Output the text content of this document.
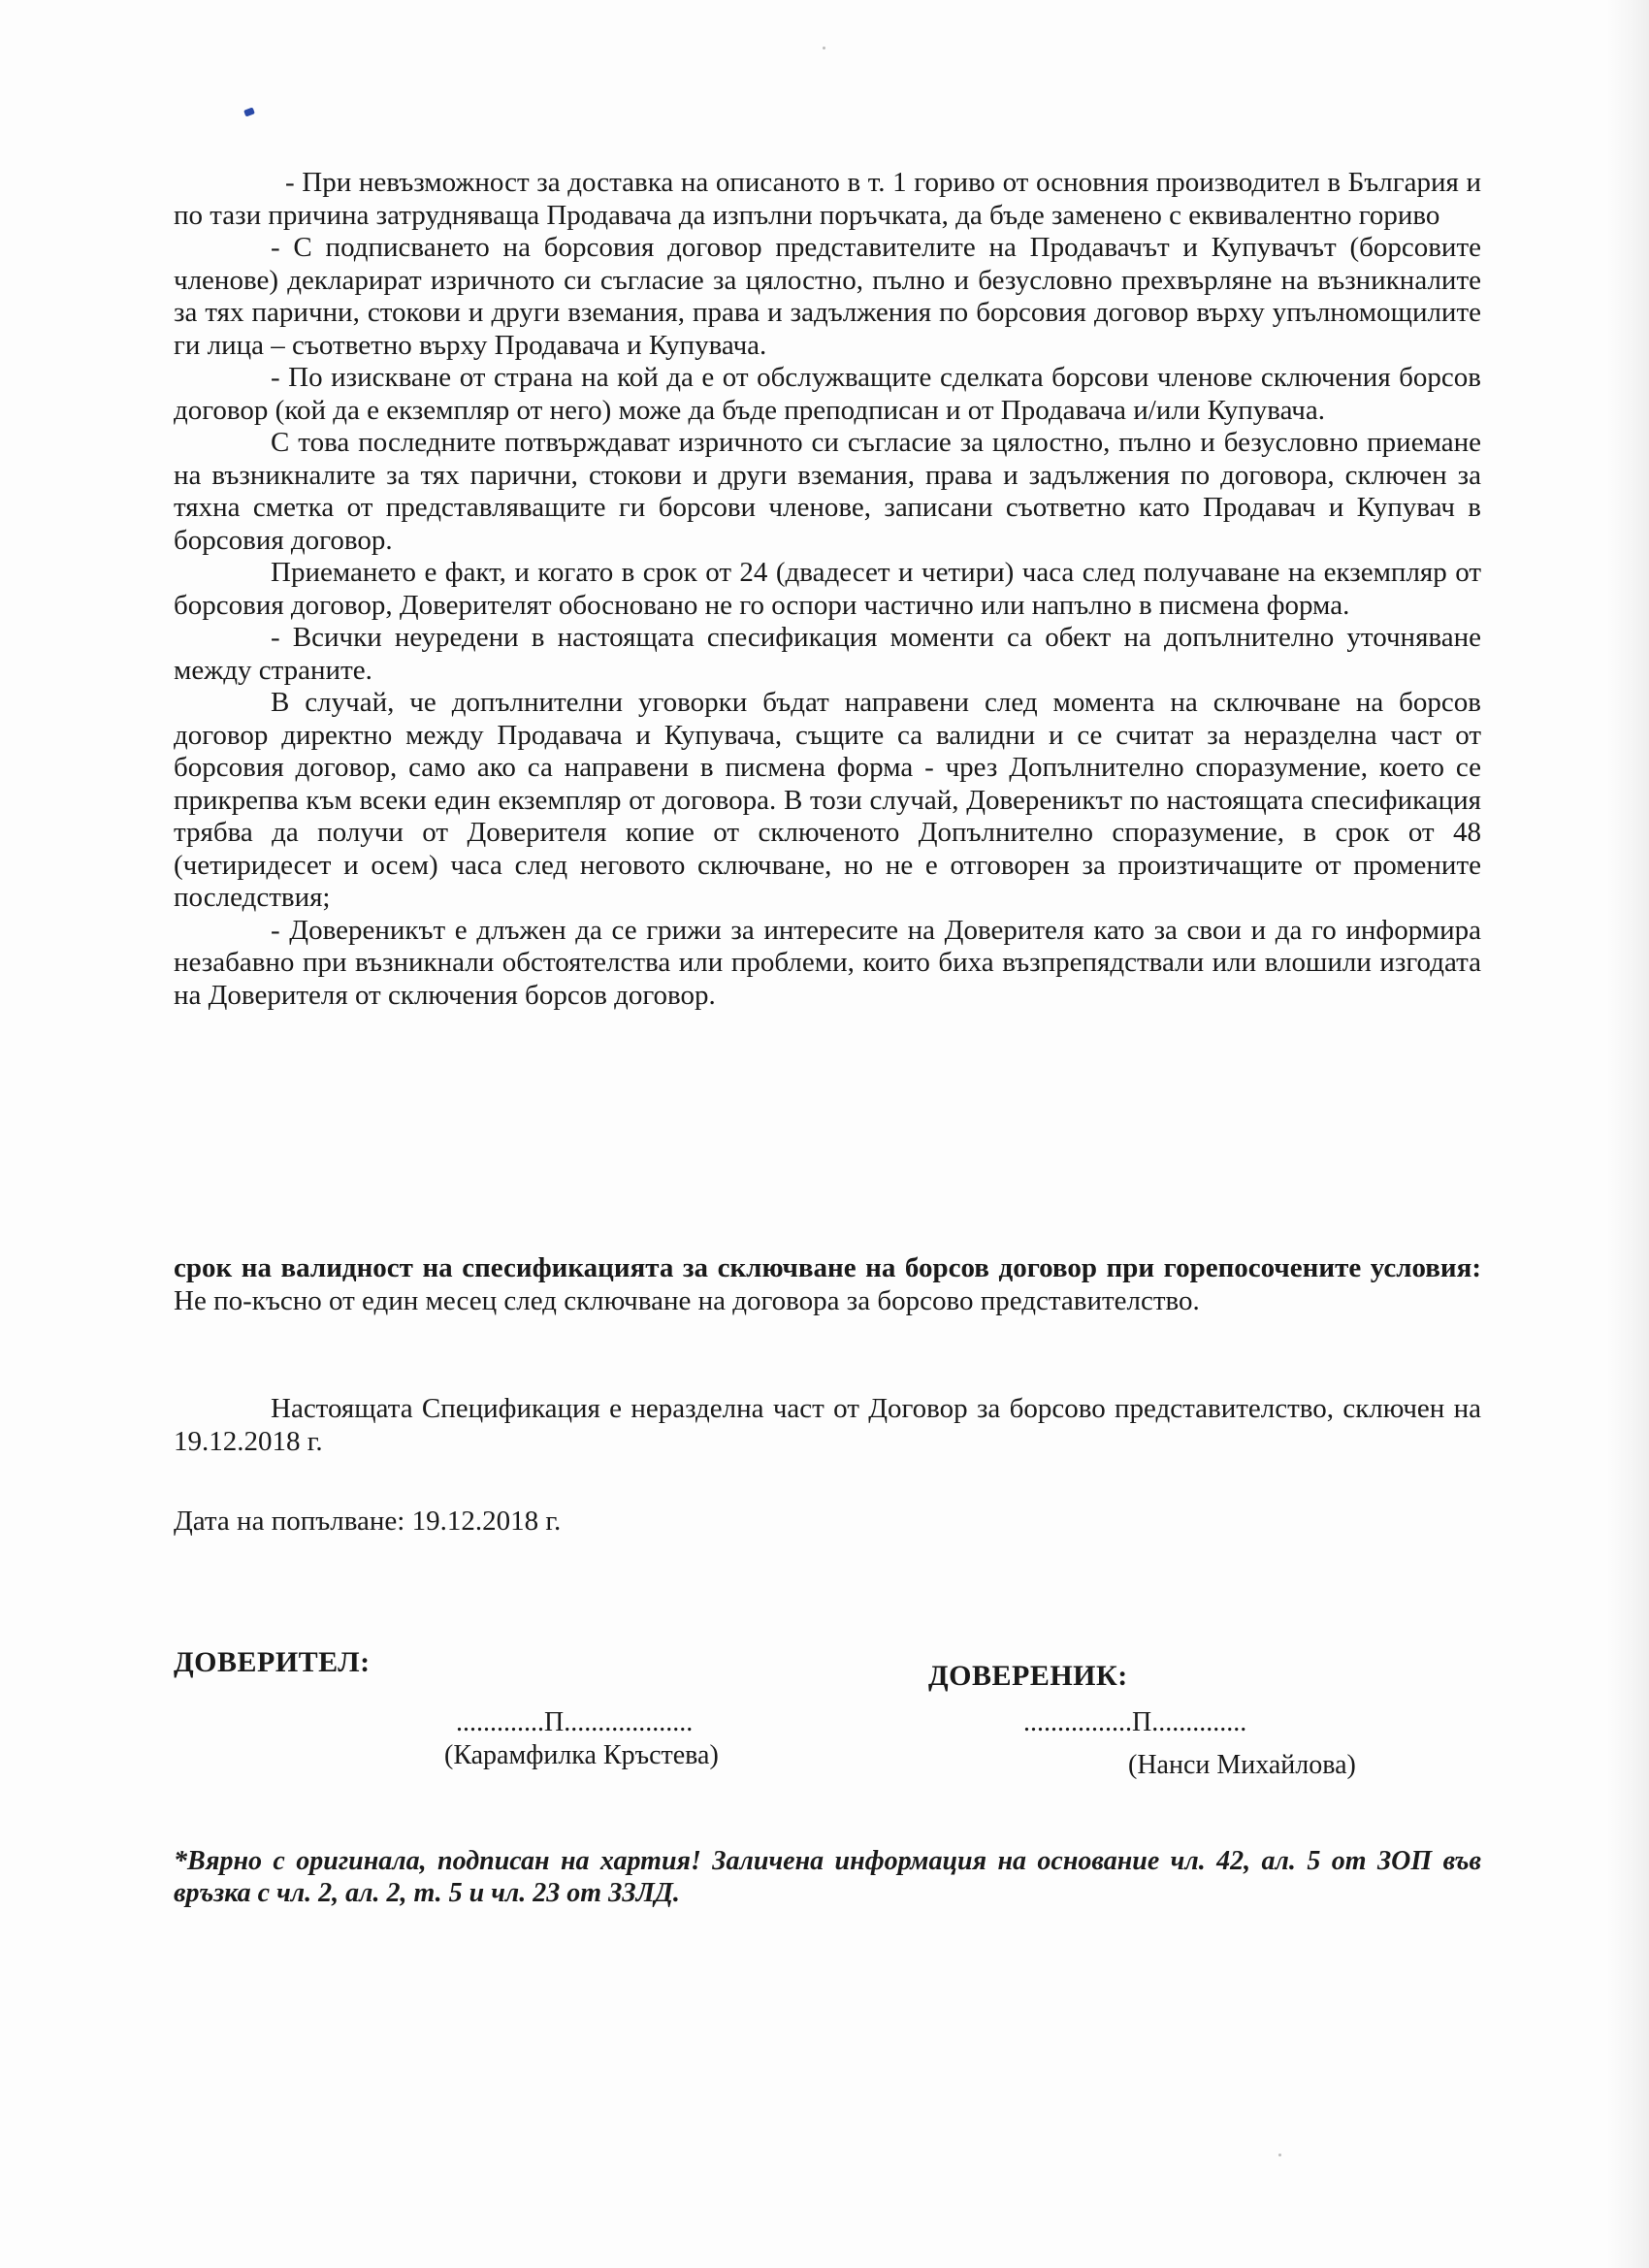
- При невъзможност за доставка на описаното в т. 1 гориво от основния производител в България и по тази причина затрудняваща Продавача да изпълни поръчката, да бъде заменено с еквивалентно гориво

- С подписването на борсовия договор представителите на Продавачът и Купувачът (борсовите членове) декларират изричното си съгласие за цялостно, пълно и безусловно прехвърляне на възникналите за тях парични, стокови и други вземания, права и задължения по борсовия договор върху упълномощилите ги лица – съответно върху Продавача и Купувача.

- По изискване от страна на кой да е от обслужващите сделката борсови членове сключения борсов договор (кой да е екземпляр от него) може да бъде преподписан и от Продавача и/или Купувача.

С това последните потвърждават изричното си съгласие за цялостно, пълно и безусловно приемане на възникналите за тях парични, стокови и други вземания, права и задължения по договора, сключен за тяхна сметка от представляващите ги борсови членове, записани съответно като Продавач и Купувач в борсовия договор.

Приемането е факт, и когато в срок от 24 (двадесет и четири) часа след получаване на екземпляр от борсовия договор, Доверителят обосновано не го оспори частично или напълно в писмена форма.

- Всички неуредени в настоящата спесификация моменти са обект на допълнително уточняване между страните.

В случай, че допълнителни уговорки бъдат направени след момента на сключване на борсов договор директно между Продавача и Купувача, същите са валидни и се считат за неразделна част от борсовия договор, само ако са направени в писмена форма - чрез Допълнително споразумение, което се прикрепва към всеки един екземпляр от договора. В този случай, Довереникът по настоящата спесификация трябва да получи от Доверителя копие от сключеното Допълнително споразумение, в срок от 48 (четиридесет и осем) часа след неговото сключване, но не е отговорен за произтичащите от промените последствия;

- Довереникът е длъжен да се грижи за интересите на Доверителя като за свои и да го информира незабавно при възникнали обстоятелства или проблеми, които биха възпрепядствали или влошили изгодата на Доверителя от сключения борсов договор.

срок на валидност на спесификацията за сключване на борсов договор при горепосочените условия: Не по-късно от един месец след сключване на договора за борсово представителство.
Настоящата Спецификация е неразделна част от Договор за борсово представителство, сключен на 19.12.2018 г.
Дата на попълване: 19.12.2018 г.
ДОВЕРИТЕЛ:
.............П...................
(Карамфилка Кръстева)
ДОВЕРЕНИК:
................П..............
(Нанси Михайлова)
*Вярно с оригинала, подписан на хартия! Заличена информация на основание чл. 42, ал. 5 от ЗОП във връзка с чл. 2, ал. 2, т. 5 и чл. 23 от ЗЗЛД.
